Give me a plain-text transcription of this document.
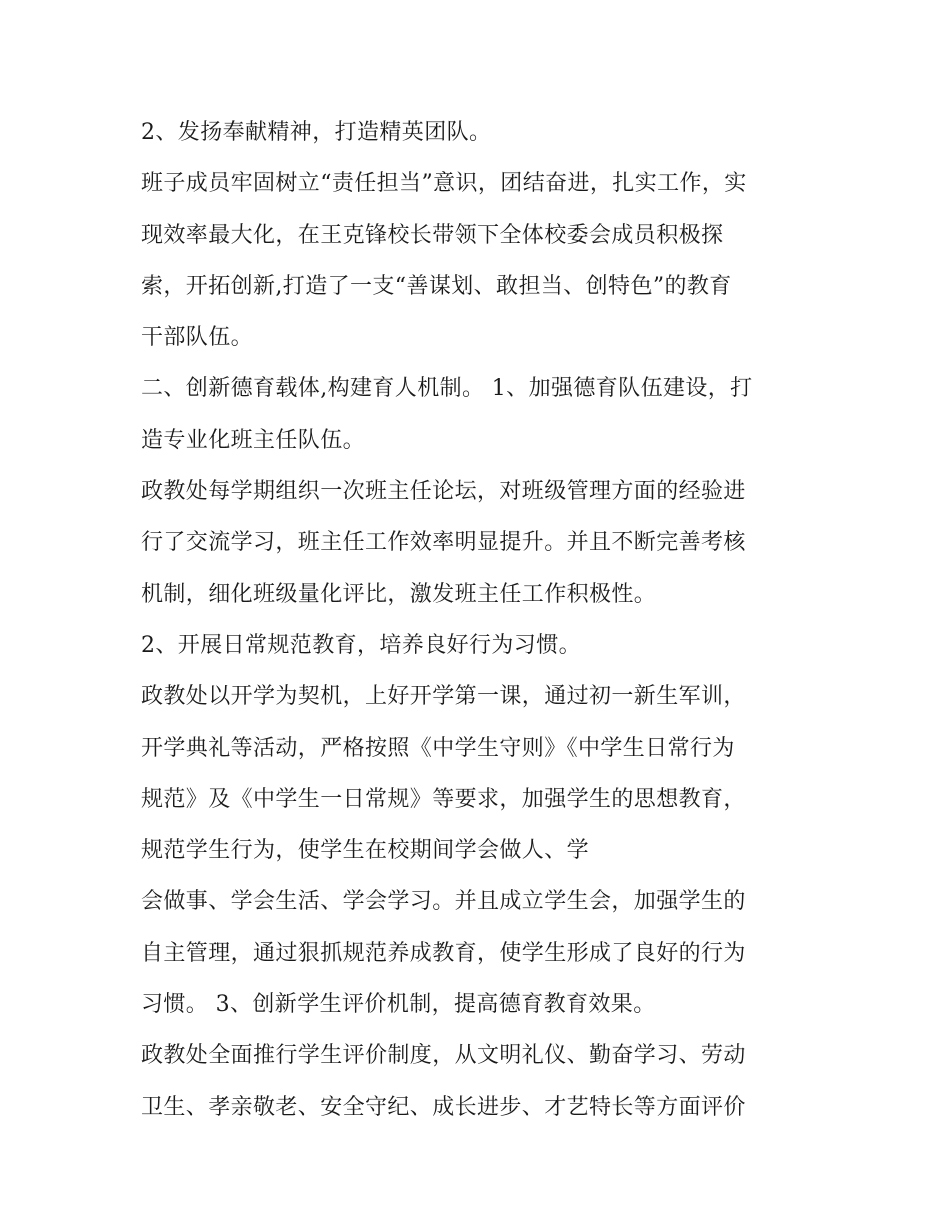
2、发扬奉献精神，打造精英团队。
班子成员牢固树立“责任担当”意识，团结奋进，扎实工作，实
现效率最大化，在王克锋校长带领下全体校委会成员积极探
索，开拓创新,打造了一支“善谋划、敢担当、创特色”的教育
干部队伍。
二、创新德育载体,构建育人机制。 1、加强德育队伍建设，打
造专业化班主任队伍。
政教处每学期组织一次班主任论坛，对班级管理方面的经验进
行了交流学习，班主任工作效率明显提升。并且不断完善考核
机制，细化班级量化评比，激发班主任工作积极性。
2、开展日常规范教育，培养良好行为习惯。
政教处以开学为契机，上好开学第一课，通过初一新生军训，
开学典礼等活动，严格按照《中学生守则》《中学生日常行为
规范》及《中学生一日常规》等要求，加强学生的思想教育，
规范学生行为，使学生在校期间学会做人、学
会做事、学会生活、学会学习。并且成立学生会，加强学生的
自主管理，通过狠抓规范养成教育，使学生形成了良好的行为
习惯。 3、创新学生评价机制，提高德育教育效果。
政教处全面推行学生评价制度，从文明礼仪、勤奋学习、劳动
卫生、孝亲敬老、安全守纪、成长进步、才艺特长等方面评价
